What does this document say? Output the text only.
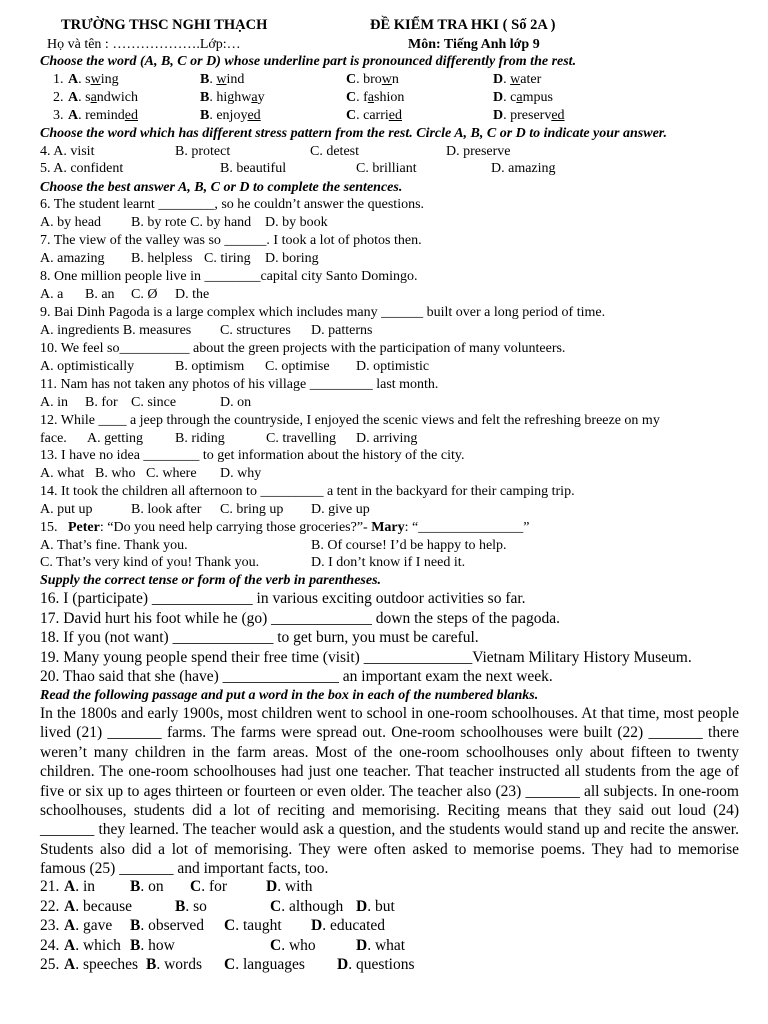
TRƯỜNG THSC NGHI THẠCH	ĐỀ KIỂM TRA HKI ( Số 2A )
Họ và tên : ……………….Lớp:…	Môn: Tiếng Anh lớp 9
Choose the word (A, B, C or D) whose underline part is pronounced differently from the rest.
1. A. swing	B. wind	C. brown	D. water
2. A. sandwich	B. highway	C. fashion	D. campus
3. A. reminded	B. enjoyed	C. carried	D. preserved
Choose the word which has different stress pattern from the rest. Circle A, B, C or D to indicate your answer.
4. A. visit	B. protect	C. detest	D. preserve
5. A. confident	B. beautiful	C. brilliant	D. amazing
Choose the best answer A, B, C or D to complete the sentences.
6. The student learnt ________, so he couldn’t answer the questions.
A. by head B. by rote C. by hand D. by book
7. The view of the valley was so ______. I took a lot of photos then.
A. amazing B. helpless C. tiring D. boring
8. One million people live in ________capital city Santo Domingo.
A. a B. an C. Ø D. the
9. Bai Dinh Pagoda is a large complex which includes many ______ built over a long period of time.
A. ingredients B. measures C. structures D. patterns
10. We feel so__________ about the green projects with the participation of many volunteers.
A. optimistically	B. optimism C. optimise D. optimistic
11. Nam has not taken any photos of his village _________ last month.
A. in B. for C. since	D. on
12. While ____ a jeep through the countryside, I enjoyed the scenic views and felt the refreshing breeze on my
face. A. getting B. riding	C. travelling D. arriving
13. I have no idea ________ to get information about the history of the city.
A. what B. who C. where D. why
14. It took the children all afternoon to _________ a tent in the backyard for their camping trip.
A. put up	B. look after C. bring up D. give up
15. Peter: “Do you need help carrying those groceries?”- Mary: “_______________”
A. That’s fine. Thank you.	B. Of course! I’d be happy to help.
C. That’s very kind of you! Thank you.	D. I don’t know if I need it.
Supply the correct tense or form of the verb in parentheses.
16. I (participate) _____________ in various exciting outdoor activities so far.
17. David hurt his foot while he (go) _____________ down the steps of the pagoda.
18. If you (not want) _____________ to get burn, you must be careful.
19. Many young people spend their free time (visit) ______________Vietnam Military History Museum.
20. Thao said that she (have) _______________ an important exam the next week.
Read the following passage and put a word in the box in each of the numbered blanks.
In the 1800s and early 1900s, most children went to school in one-room schoolhouses. At that time, most people lived (21) _______ farms. The farms were spread out. One-room schoolhouses were built (22) _______ there weren’t many children in the farm areas. Most of the one-room schoolhouses only about fifteen to twenty children. The one-room schoolhouses had just one teacher. That teacher instructed all students from the age of five or six up to ages thirteen or fourteen or even older. The teacher also (23) _______ all subjects. In one-room schoolhouses, students did a lot of reciting and memorising. Reciting means that they said out loud (24) _______ they learned. The teacher would ask a question, and the students would stand up and recite the answer. Students also did a lot of memorising. They were often asked to memorise poems. They had to memorise famous (25) _______ and important facts, too.
21. A. in B. on C. for	D. with
22. A. because	B. so	C. although D. but
23. A. gave B. observed C. taught D. educated
24. A. which B. how	C. who	D. what
25. A. speeches B. words C. languages D. questions
